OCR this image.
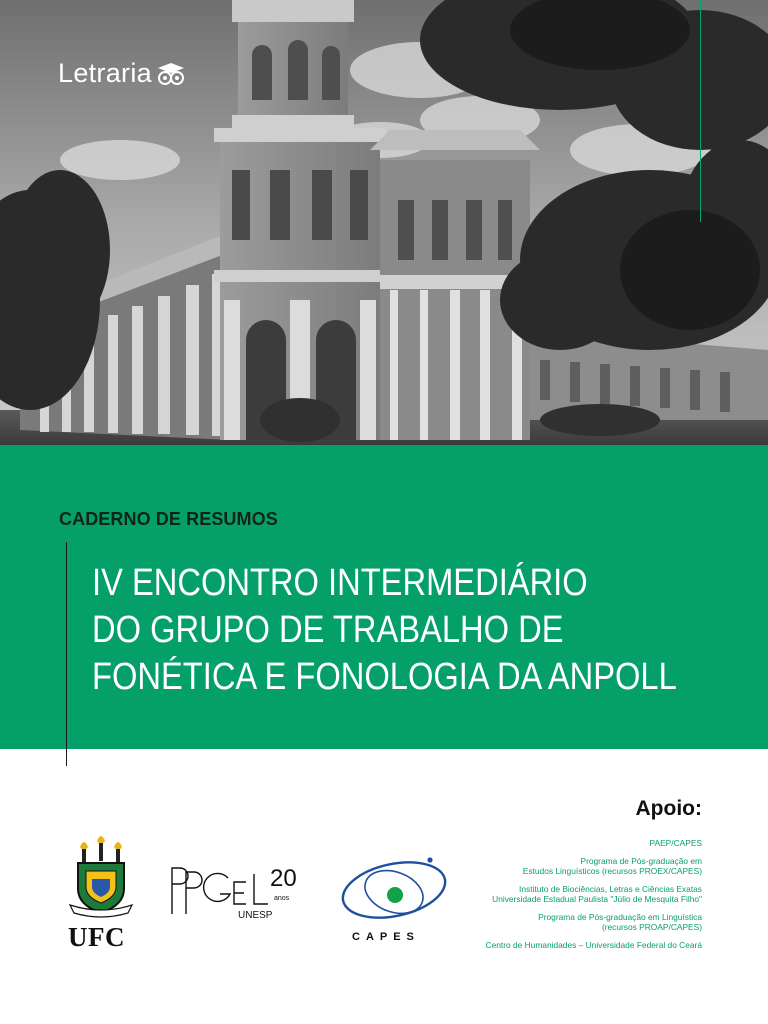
Letraria
CADERNO DE RESUMOS
IV ENCONTRO INTERMEDIÁRIO
DO GRUPO DE TRABALHO DE
FONÉTICA E FONOLOGIA DA ANPOLL
UFC
20
anos
UNESP
CAPES
Apoio:
PAEP/CAPES
Programa de Pós-graduação em
Estudos Linguísticos (recursos PROEX/CAPES)
Instituto de Biociências, Letras e Ciências Exatas
Universidade Estadual Paulista "Júlio de Mesquita Filho"
Programa de Pós-graduação em Linguística
(recursos PROAP/CAPES)
Centro de Humanidades – Universidade Federal do Ceará
